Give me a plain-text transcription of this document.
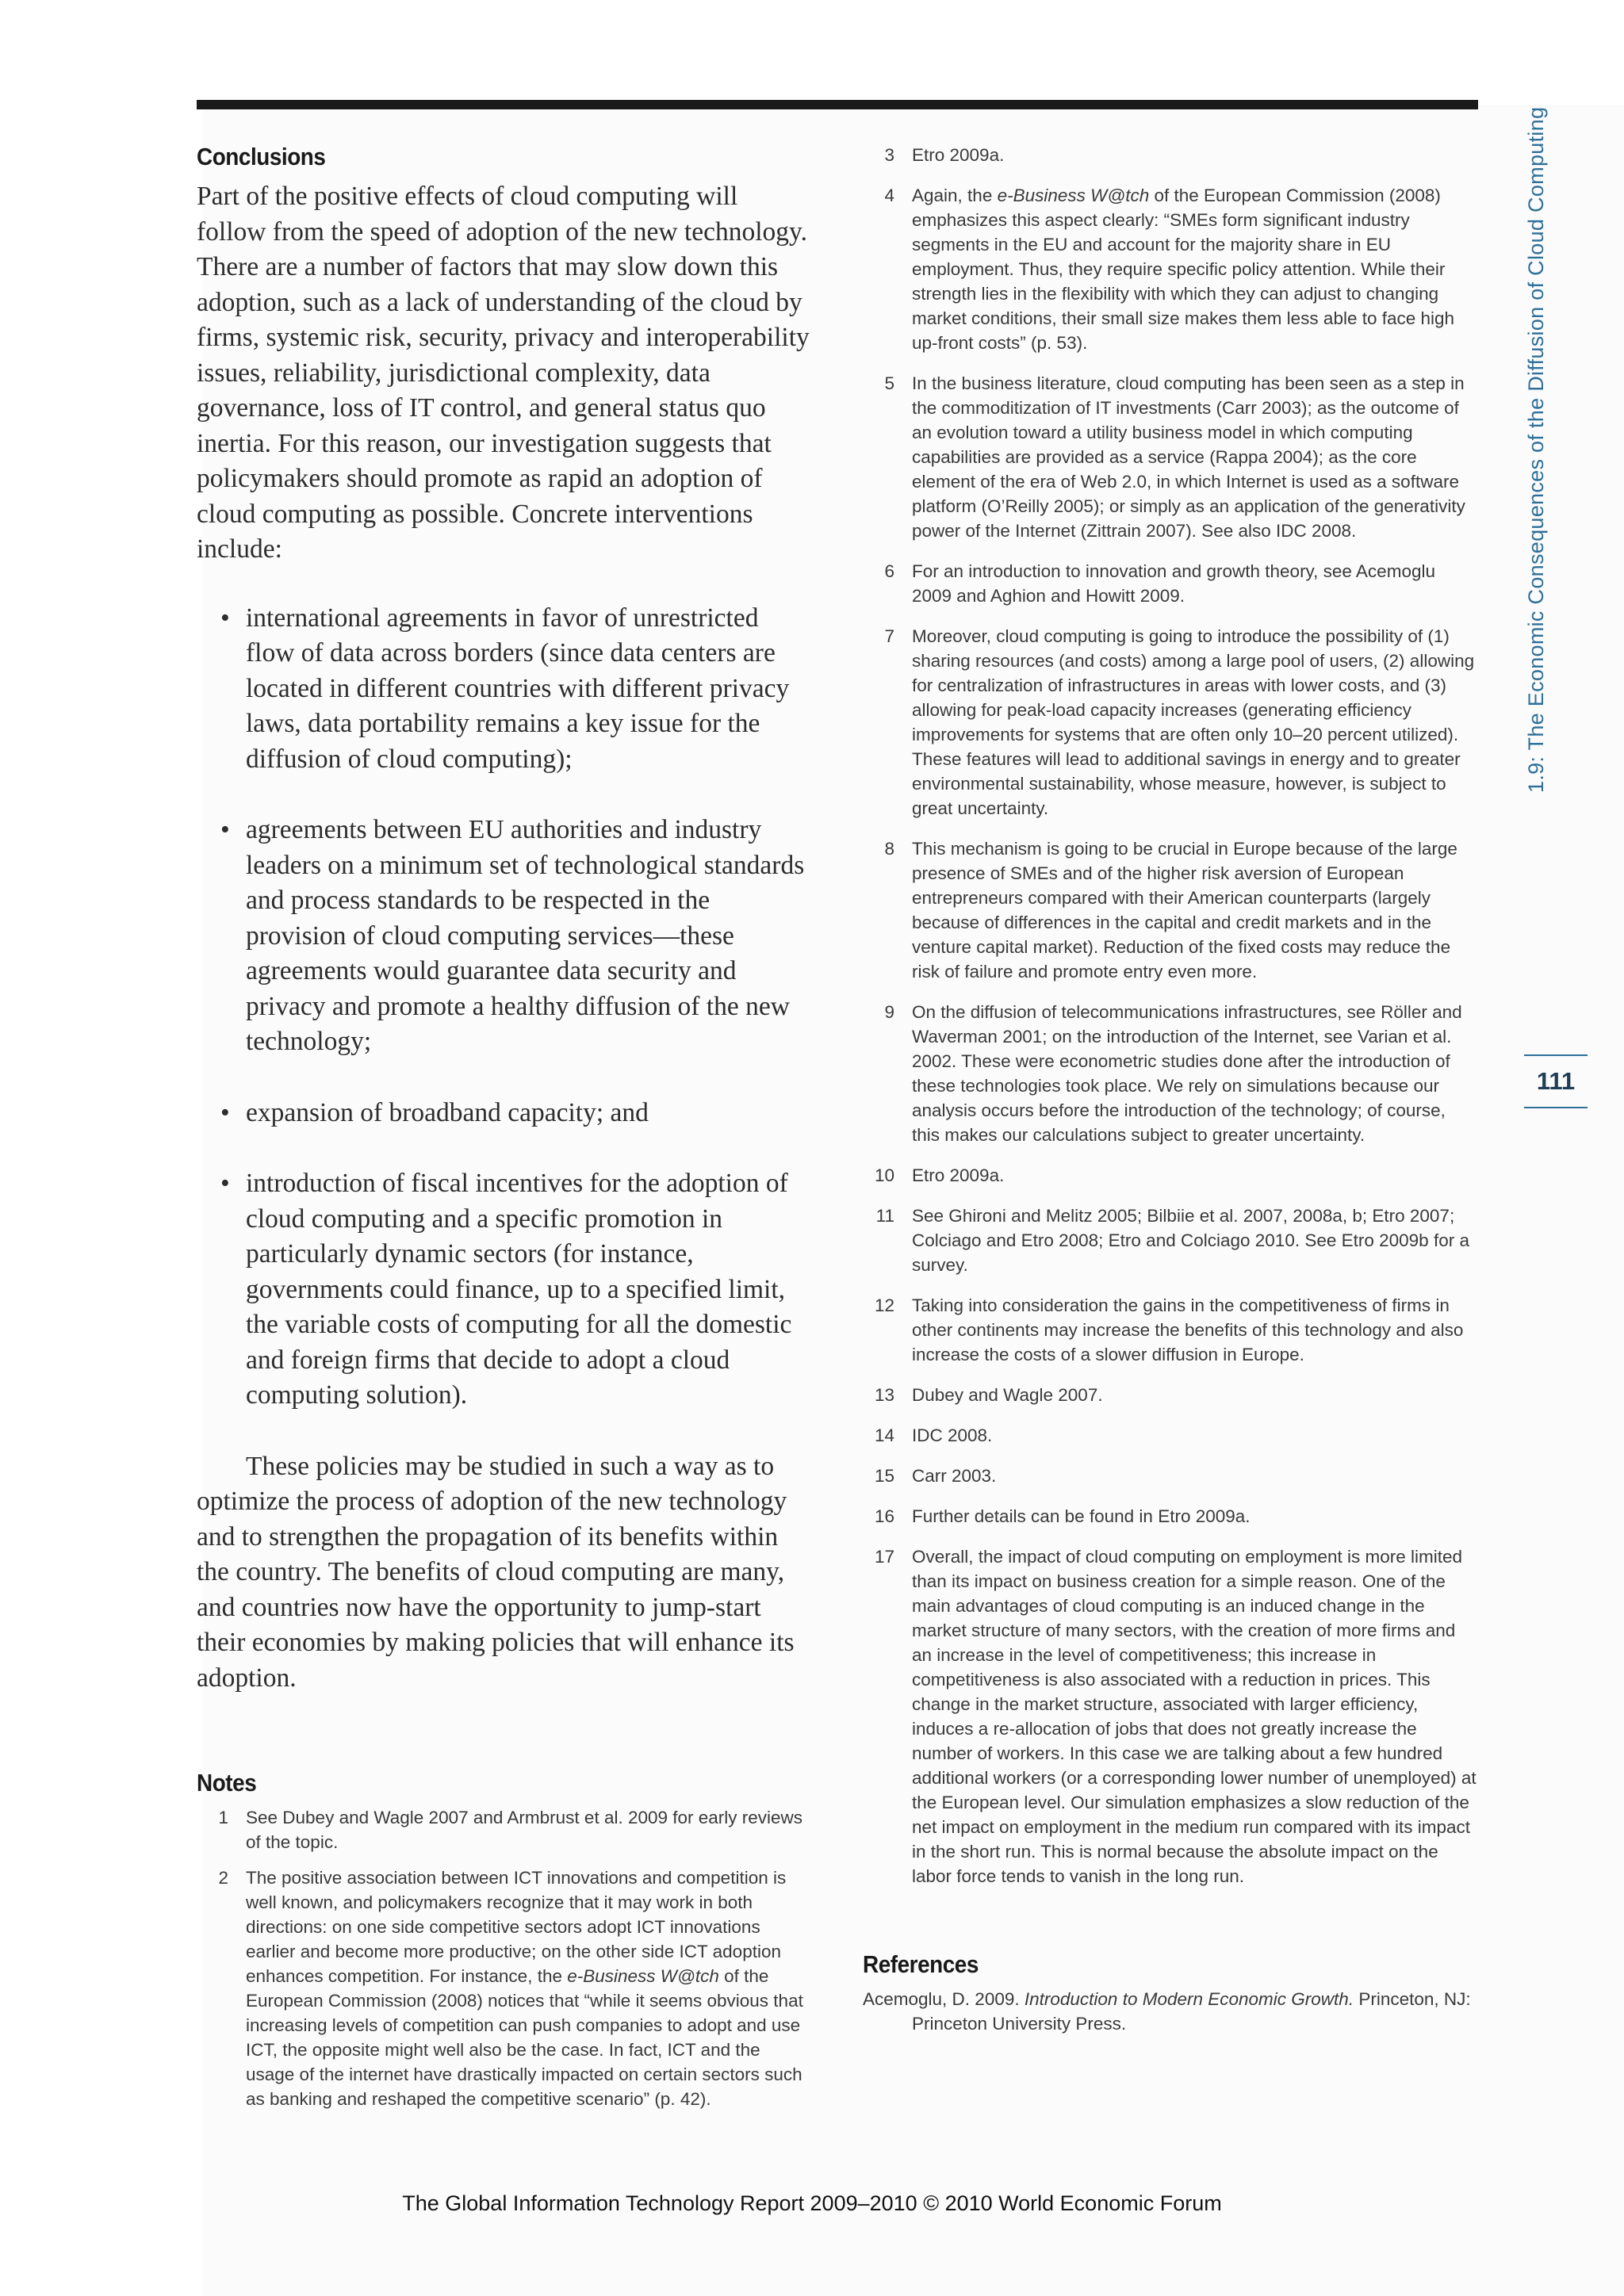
Conclusions

Part of the positive effects of cloud computing will follow from the speed of adoption of the new technology. There are a number of factors that may slow down this adoption, such as a lack of understanding of the cloud by firms, systemic risk, security, privacy and interoperability issues, reliability, jurisdictional complexity, data governance, loss of IT control, and general status quo inertia. For this reason, our investigation suggests that policymakers should promote as rapid an adoption of cloud computing as possible. Concrete interventions include:

• international agreements in favor of unrestricted flow of data across borders (since data centers are located in different countries with different privacy laws, data portability remains a key issue for the diffusion of cloud computing);
• agreements between EU authorities and industry leaders on a minimum set of technological standards and process standards to be respected in the provision of cloud computing services—these agreements would guarantee data security and privacy and promote a healthy diffusion of the new technology;
• expansion of broadband capacity; and
• introduction of fiscal incentives for the adoption of cloud computing and a specific promotion in particularly dynamic sectors (for instance, governments could finance, up to a specified limit, the variable costs of computing for all the domestic and foreign firms that decide to adopt a cloud computing solution).

These policies may be studied in such a way as to optimize the process of adoption of the new technology and to strengthen the propagation of its benefits within the country. The benefits of cloud computing are many, and countries now have the opportunity to jump-start their economies by making policies that will enhance its adoption.

Notes
1 See Dubey and Wagle 2007 and Armbrust et al. 2009 for early reviews of the topic.
2 The positive association between ICT innovations and competition is well known, and policymakers recognize that it may work in both directions: on one side competitive sectors adopt ICT innovations earlier and become more productive; on the other side ICT adoption enhances competition. For instance, the e-Business W@tch of the European Commission (2008) notices that “while it seems obvious that increasing levels of competition can push companies to adopt and use ICT, the opposite might well also be the case. In fact, ICT and the usage of the internet have drastically impacted on certain sectors such as banking and reshaped the competitive scenario” (p. 42).
3 Etro 2009a.
4 Again, the e-Business W@tch of the European Commission (2008) emphasizes this aspect clearly: “SMEs form significant industry segments in the EU and account for the majority share in EU employment. Thus, they require specific policy attention. While their strength lies in the flexibility with which they can adjust to changing market conditions, their small size makes them less able to face high up-front costs” (p. 53).
5 In the business literature, cloud computing has been seen as a step in the commoditization of IT investments (Carr 2003); as the outcome of an evolution toward a utility business model in which computing capabilities are provided as a service (Rappa 2004); as the core element of the era of Web 2.0, in which Internet is used as a software platform (O’Reilly 2005); or simply as an application of the generativity power of the Internet (Zittrain 2007). See also IDC 2008.
6 For an introduction to innovation and growth theory, see Acemoglu 2009 and Aghion and Howitt 2009.
7 Moreover, cloud computing is going to introduce the possibility of (1) sharing resources (and costs) among a large pool of users, (2) allowing for centralization of infrastructures in areas with lower costs, and (3) allowing for peak-load capacity increases (generating efficiency improvements for systems that are often only 10–20 percent utilized). These features will lead to additional savings in energy and to greater environmental sustainability, whose measure, however, is subject to great uncertainty.
8 This mechanism is going to be crucial in Europe because of the large presence of SMEs and of the higher risk aversion of European entrepreneurs compared with their American counterparts (largely because of differences in the capital and credit markets and in the venture capital market). Reduction of the fixed costs may reduce the risk of failure and promote entry even more.
9 On the diffusion of telecommunications infrastructures, see Röller and Waverman 2001; on the introduction of the Internet, see Varian et al. 2002. These were econometric studies done after the introduction of these technologies took place. We rely on simulations because our analysis occurs before the introduction of the technology; of course, this makes our calculations subject to greater uncertainty.
10 Etro 2009a.
11 See Ghironi and Melitz 2005; Bilbiie et al. 2007, 2008a, b; Etro 2007; Colciago and Etro 2008; Etro and Colciago 2010. See Etro 2009b for a survey.
12 Taking into consideration the gains in the competitiveness of firms in other continents may increase the benefits of this technology and also increase the costs of a slower diffusion in Europe.
13 Dubey and Wagle 2007.
14 IDC 2008.
15 Carr 2003.
16 Further details can be found in Etro 2009a.
17 Overall, the impact of cloud computing on employment is more limited than its impact on business creation for a simple reason. One of the main advantages of cloud computing is an induced change in the market structure of many sectors, with the creation of more firms and an increase in the level of competitiveness; this increase in competitiveness is also associated with a reduction in prices. This change in the market structure, associated with larger efficiency, induces a re-allocation of jobs that does not greatly increase the number of workers. In this case we are talking about a few hundred additional workers (or a corresponding lower number of unemployed) at the European level. Our simulation emphasizes a slow reduction of the net impact on employment in the medium run compared with its impact in the short run. This is normal because the absolute impact on the labor force tends to vanish in the long run.
References

Acemoglu, D. 2009. Introduction to Modern Economic Growth. Princeton, NJ: Princeton University Press.

1.9: The Economic Consequences of the Diffusion of Cloud Computing
111
The Global Information Technology Report 2009–2010 © 2010 World Economic Forum
